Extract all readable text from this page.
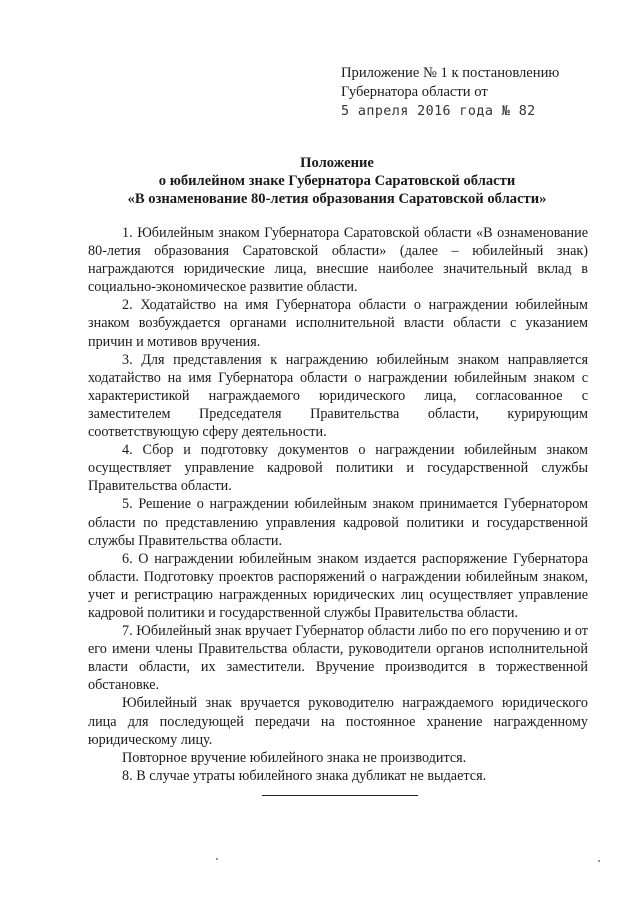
Приложение № 1 к постановлению
Губернатора области от
5 апреля 2016 года № 82
Положение
о юбилейном знаке Губернатора Саратовской области
«В ознаменование 80-летия образования Саратовской области»

1. Юбилейным знаком Губернатора Саратовской области «В ознаменование 80-летия образования Саратовской области» (далее – юбилейный знак) награждаются юридические лица, внесшие наиболее значительный вклад в социально-экономическое развитие области.

2. Ходатайство на имя Губернатора области о награждении юбилейным знаком возбуждается органами исполнительной власти области с указанием причин и мотивов вручения.

3. Для представления к награждению юбилейным знаком направляется ходатайство на имя Губернатора области о награждении юбилейным знаком с характеристикой награждаемого юридического лица, согласованное с заместителем Председателя Правительства области, курирующим соответствующую сферу деятельности.

4. Сбор и подготовку документов о награждении юбилейным знаком осуществляет управление кадровой политики и государственной службы Правительства области.

5. Решение о награждении юбилейным знаком принимается Губернатором области по представлению управления кадровой политики и государственной службы Правительства области.

6. О награждении юбилейным знаком издается распоряжение Губернатора области. Подготовку проектов распоряжений о награждении юбилейным знаком, учет и регистрацию награжденных юридических лиц осуществляет управление кадровой политики и государственной службы Правительства области.

7. Юбилейный знак вручает Губернатор области либо по его поручению и от его имени члены Правительства области, руководители органов исполнительной власти области, их заместители. Вручение производится в торжественной обстановке.

Юбилейный знак вручается руководителю награждаемого юридического лица для последующей передачи на постоянное хранение награжденному юридическому лицу.

Повторное вручение юбилейного знака не производится.

8. В случае утраты юбилейного знака дубликат не выдается.
